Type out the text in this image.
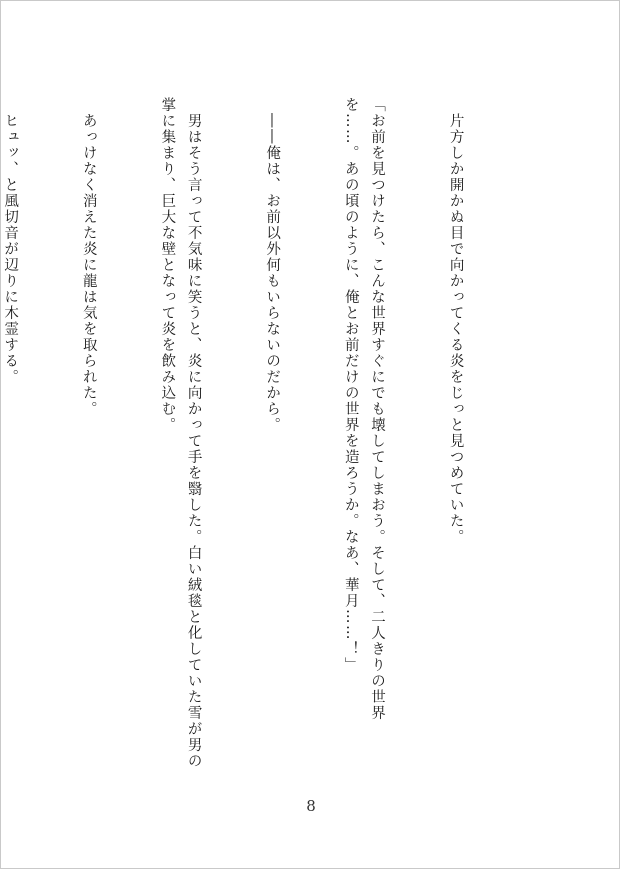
　片方しか開かぬ目で向かってくる炎をじっと見つめていた。

「お前を見つけたら、こんな世界すぐにでも壊してしまおう。そして、二人きりの世界を……。あの頃のように、俺とお前だけの世界を造ろうか。なあ、華月……！」

　――俺は、お前以外何もいらないのだから。

　男はそう言って不気味に笑うと、炎に向かって手を翳した。白い絨毯と化していた雪が男の掌に集まり、巨大な壁となって炎を飲み込む。

　あっけなく消えた炎に龍は気を取られた。

　ヒュッ、と風切音が辺りに木霊する。

8
